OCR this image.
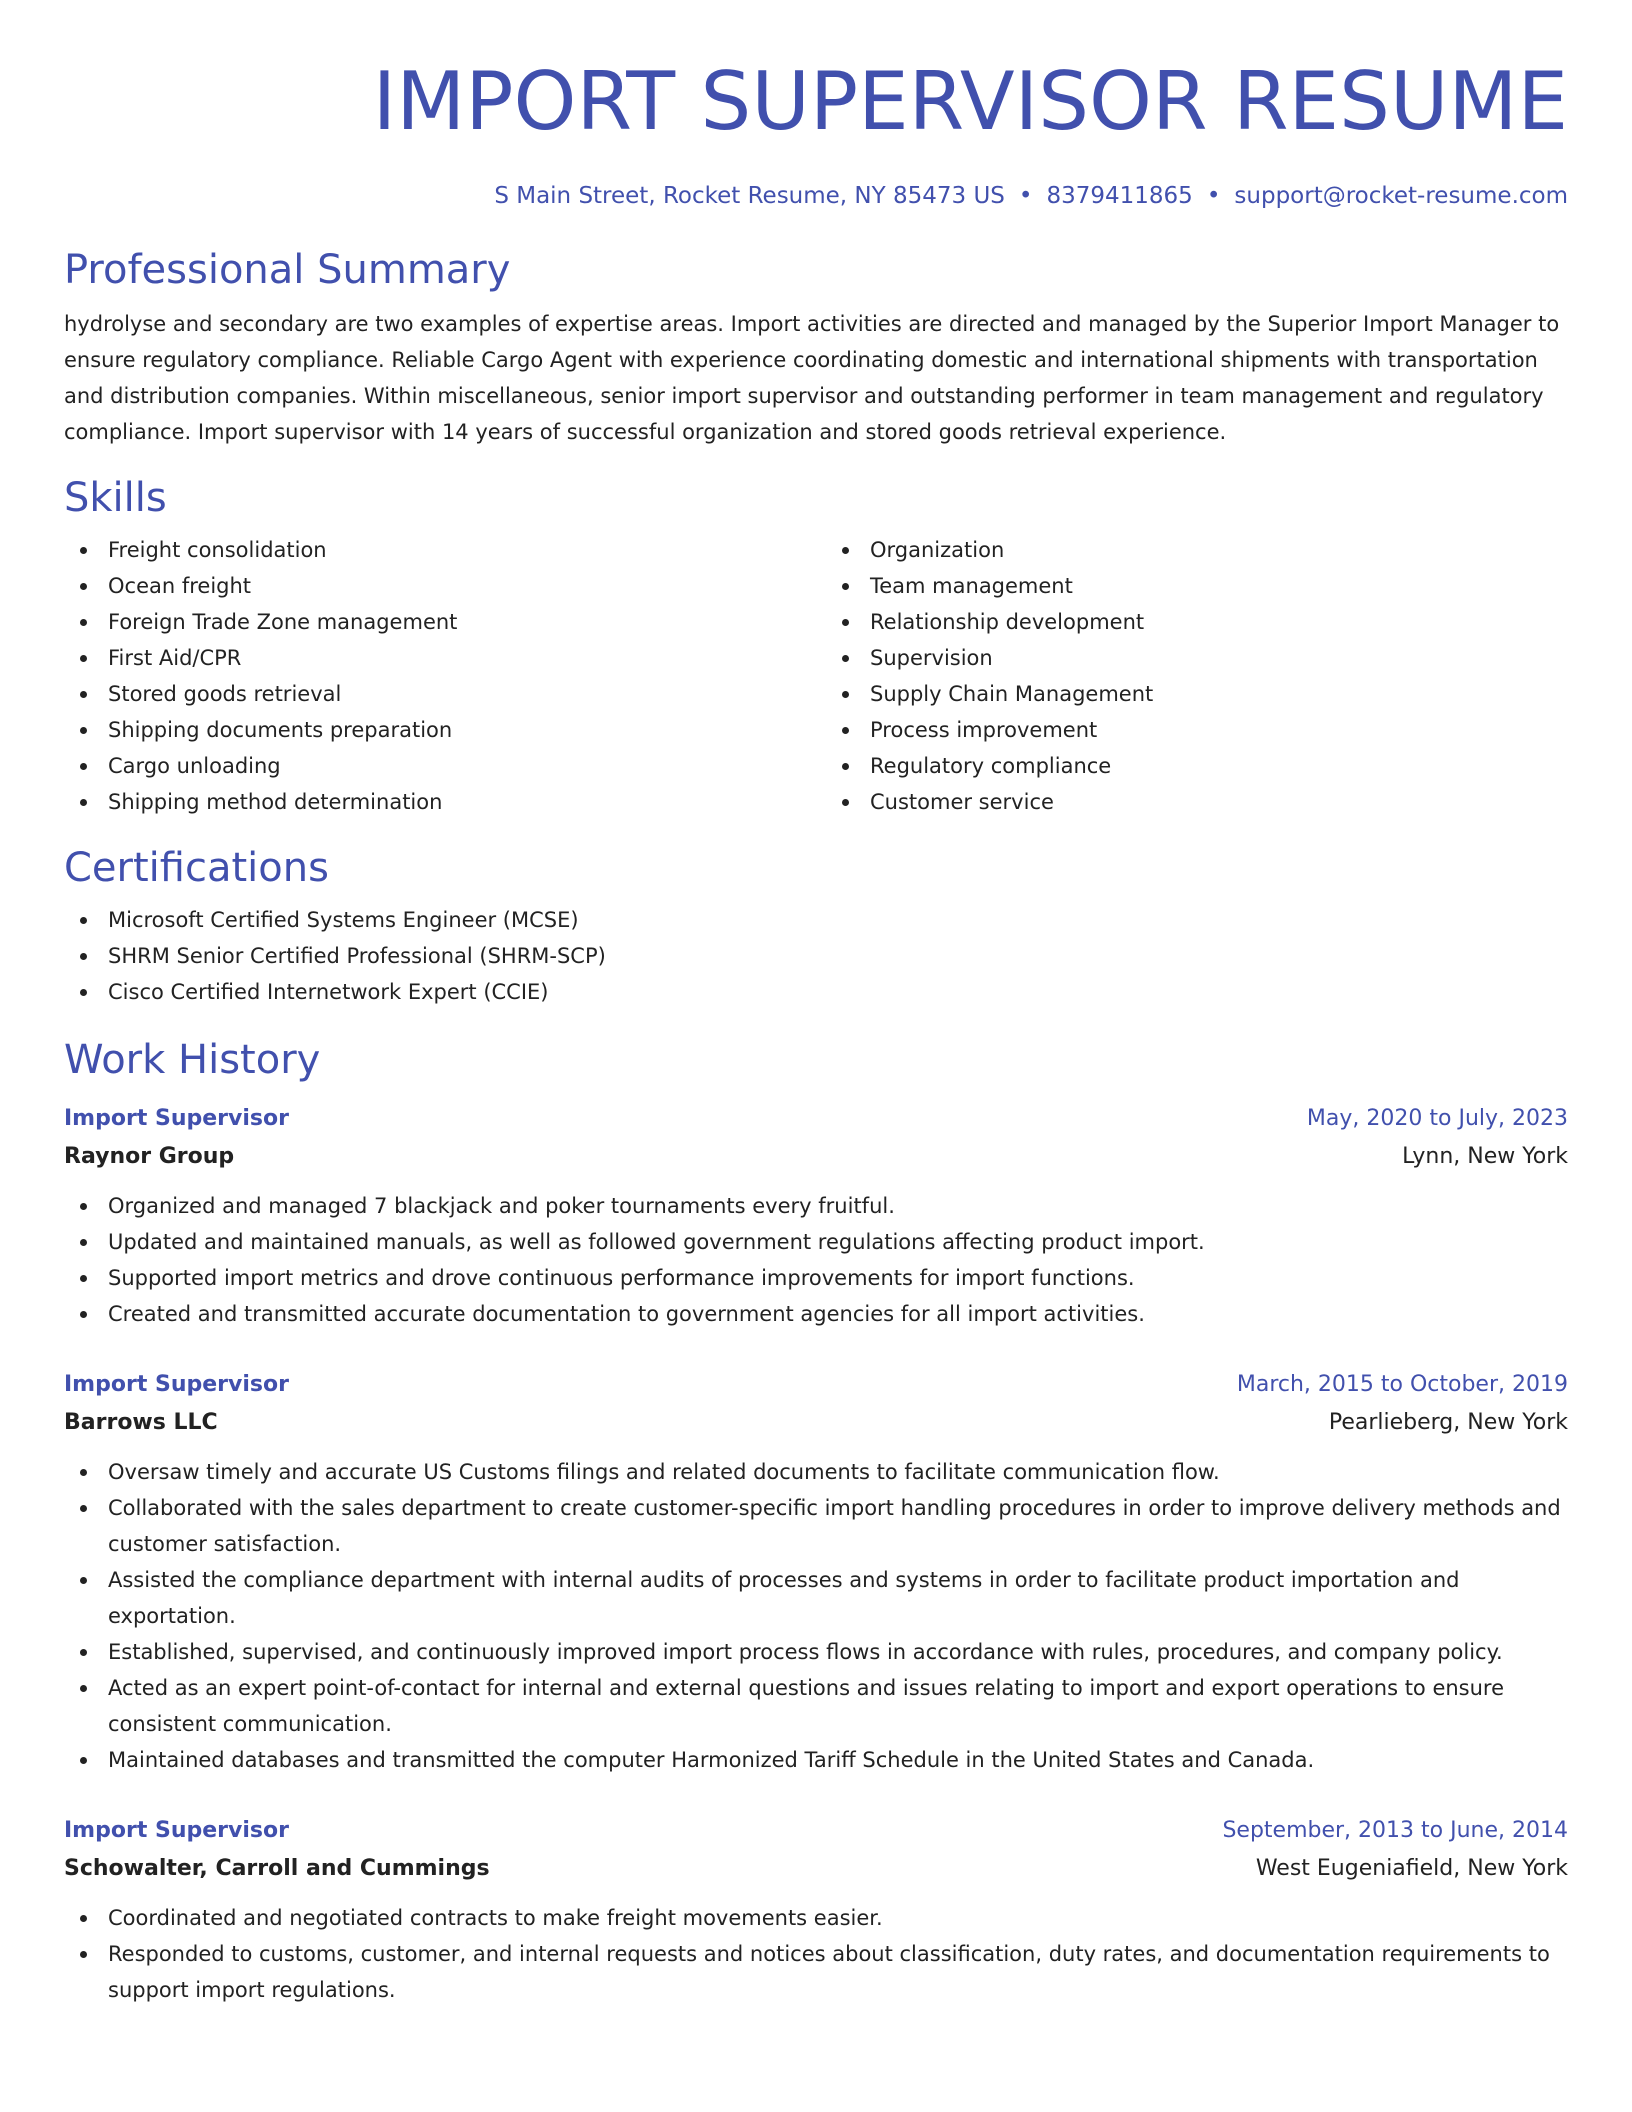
IMPORT SUPERVISOR RESUME
S Main Street, Rocket Resume, NY 85473 US • 8379411865 • support@rocket-resume.com
Professional Summary

hydrolyse and secondary are two examples of expertise areas. Import activities are directed and managed by the Superior Import Manager to ensure regulatory compliance. Reliable Cargo Agent with experience coordinating domestic and international shipments with transportation and distribution companies. Within miscellaneous, senior import supervisor and outstanding performer in team management and regulatory compliance. Import supervisor with 14 years of successful organization and stored goods retrieval experience.

Skills
Freight consolidation
Ocean freight
Foreign Trade Zone management
First Aid/CPR
Stored goods retrieval
Shipping documents preparation
Cargo unloading
Shipping method determination
Organization
Team management
Relationship development
Supervision
Supply Chain Management
Process improvement
Regulatory compliance
Customer service
Certifications
Microsoft Certified Systems Engineer (MCSE)
SHRM Senior Certified Professional (SHRM-SCP)
Cisco Certified Internetwork Expert (CCIE)
Work History
Import Supervisor	May, 2020 to July, 2023
Raynor Group	Lynn, New York
Organized and managed 7 blackjack and poker tournaments every fruitful.
Updated and maintained manuals, as well as followed government regulations affecting product import.
Supported import metrics and drove continuous performance improvements for import functions.
Created and transmitted accurate documentation to government agencies for all import activities.
Import Supervisor	March, 2015 to October, 2019
Barrows LLC	Pearlieberg, New York
Oversaw timely and accurate US Customs filings and related documents to facilitate communication flow.
Collaborated with the sales department to create customer-specific import handling procedures in order to improve delivery methods and customer satisfaction.
Assisted the compliance department with internal audits of processes and systems in order to facilitate product importation and exportation.
Established, supervised, and continuously improved import process flows in accordance with rules, procedures, and company policy.
Acted as an expert point-of-contact for internal and external questions and issues relating to import and export operations to ensure consistent communication.
Maintained databases and transmitted the computer Harmonized Tariff Schedule in the United States and Canada.
Import Supervisor	September, 2013 to June, 2014
Schowalter, Carroll and Cummings	West Eugeniafield, New York
Coordinated and negotiated contracts to make freight movements easier.
Responded to customs, customer, and internal requests and notices about classification, duty rates, and documentation requirements to support import regulations.
